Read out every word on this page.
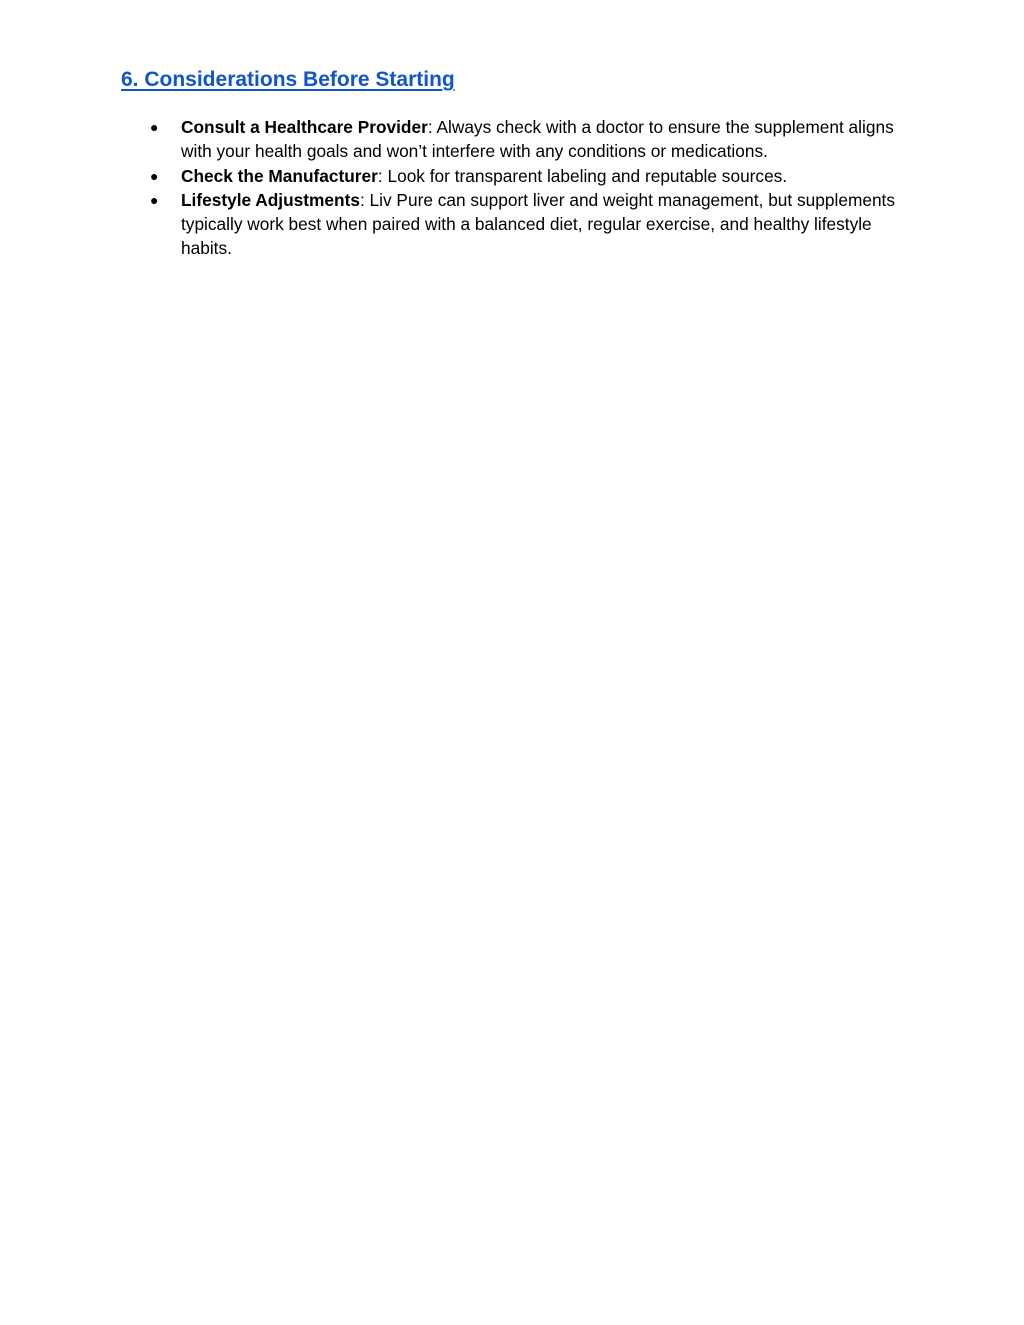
6. Considerations Before Starting
● Consult a Healthcare Provider: Always check with a doctor to ensure the supplement aligns with your health goals and won’t interfere with any conditions or medications.
● Check the Manufacturer: Look for transparent labeling and reputable sources.
● Lifestyle Adjustments: Liv Pure can support liver and weight management, but supplements typically work best when paired with a balanced diet, regular exercise, and healthy lifestyle habits.
